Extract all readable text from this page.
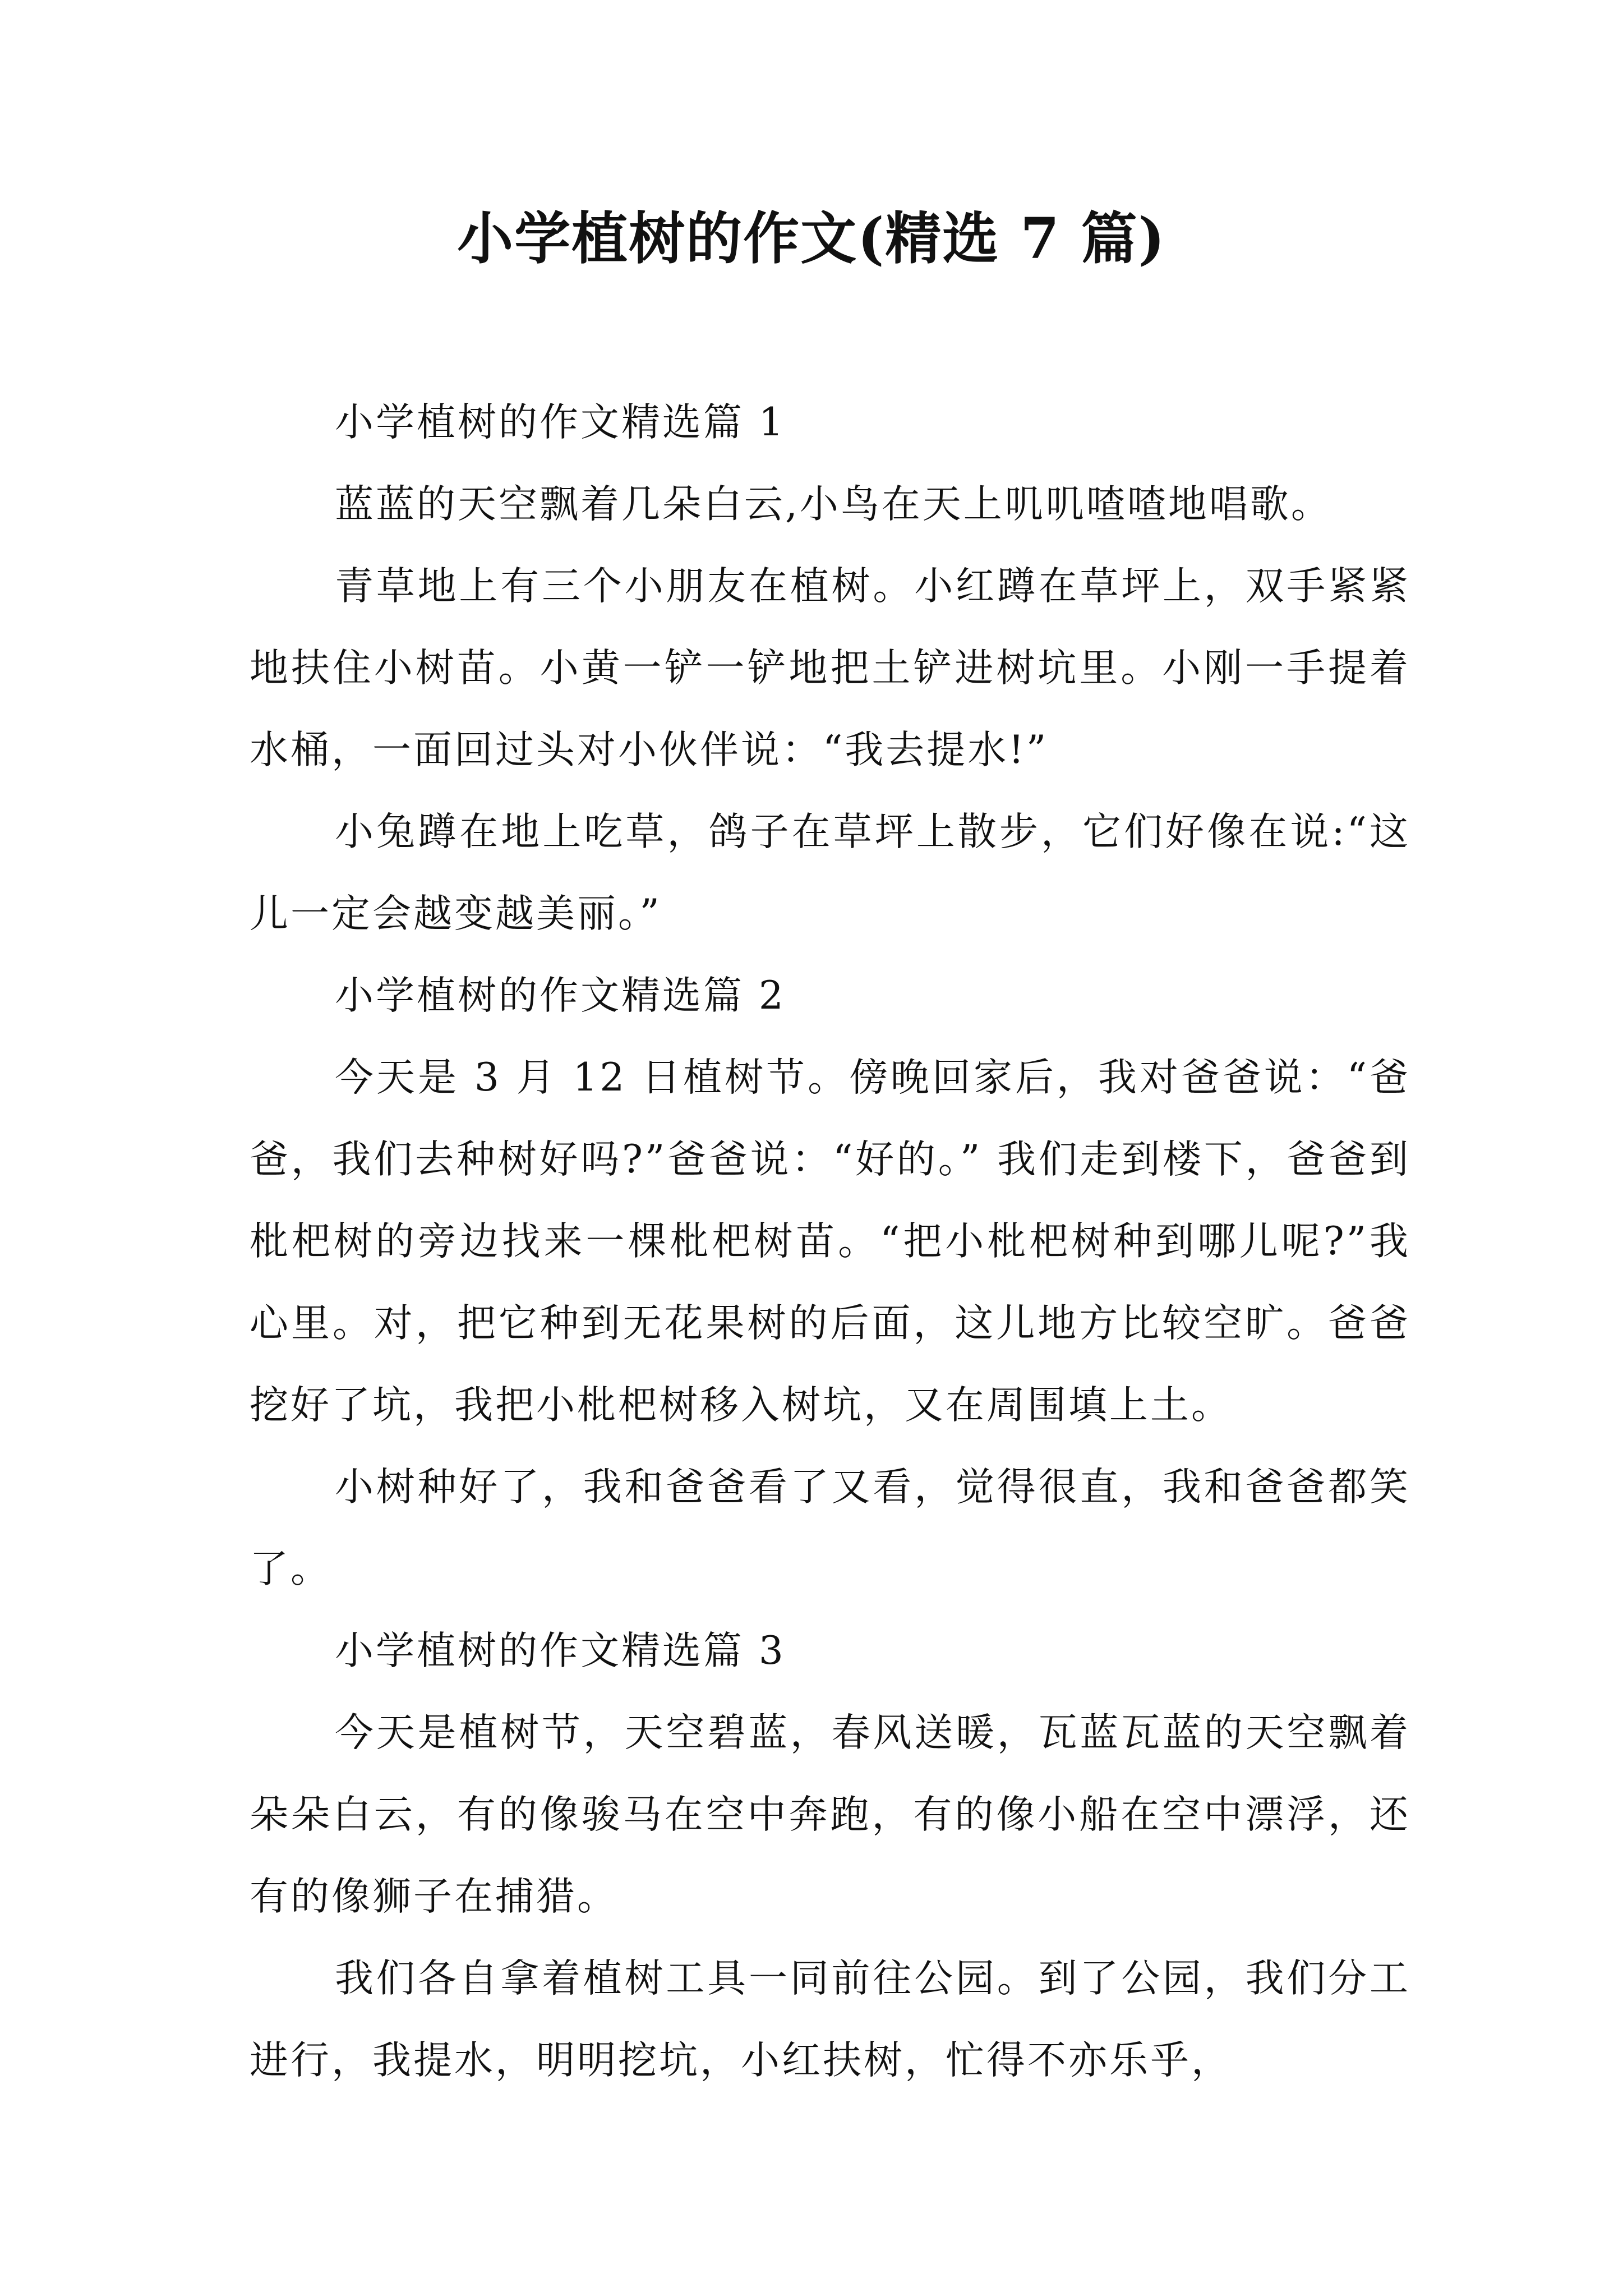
小学植树的作文(精选 7 篇)

小学植树的作文精选篇 1

蓝蓝的天空飘着几朵白云,小鸟在天上叽叽喳喳地唱歌。

青草地上有三个小朋友在植树。小红蹲在草坪上，双手紧紧地扶住小树苗。小黄一铲一铲地把土铲进树坑里。小刚一手提着水桶，一面回过头对小伙伴说：“我去提水!”

小兔蹲在地上吃草，鸽子在草坪上散步，它们好像在说:“这儿一定会越变越美丽。”

小学植树的作文精选篇 2

今天是 3 月 12 日植树节。傍晚回家后，我对爸爸说：“爸爸，我们去种树好吗?”爸爸说：“好的。” 我们走到楼下，爸爸到枇杷树的旁边找来一棵枇杷树苗。“把小枇杷树种到哪儿呢?”我心里。对，把它种到无花果树的后面，这儿地方比较空旷。爸爸挖好了坑，我把小枇杷树移入树坑，又在周围填上土。

小树种好了，我和爸爸看了又看，觉得很直，我和爸爸都笑了。

小学植树的作文精选篇 3

今天是植树节，天空碧蓝，春风送暖，瓦蓝瓦蓝的天空飘着朵朵白云，有的像骏马在空中奔跑，有的像小船在空中漂浮，还有的像狮子在捕猎。

我们各自拿着植树工具一同前往公园。到了公园，我们分工进行，我提水，明明挖坑，小红扶树，忙得不亦乐乎，
